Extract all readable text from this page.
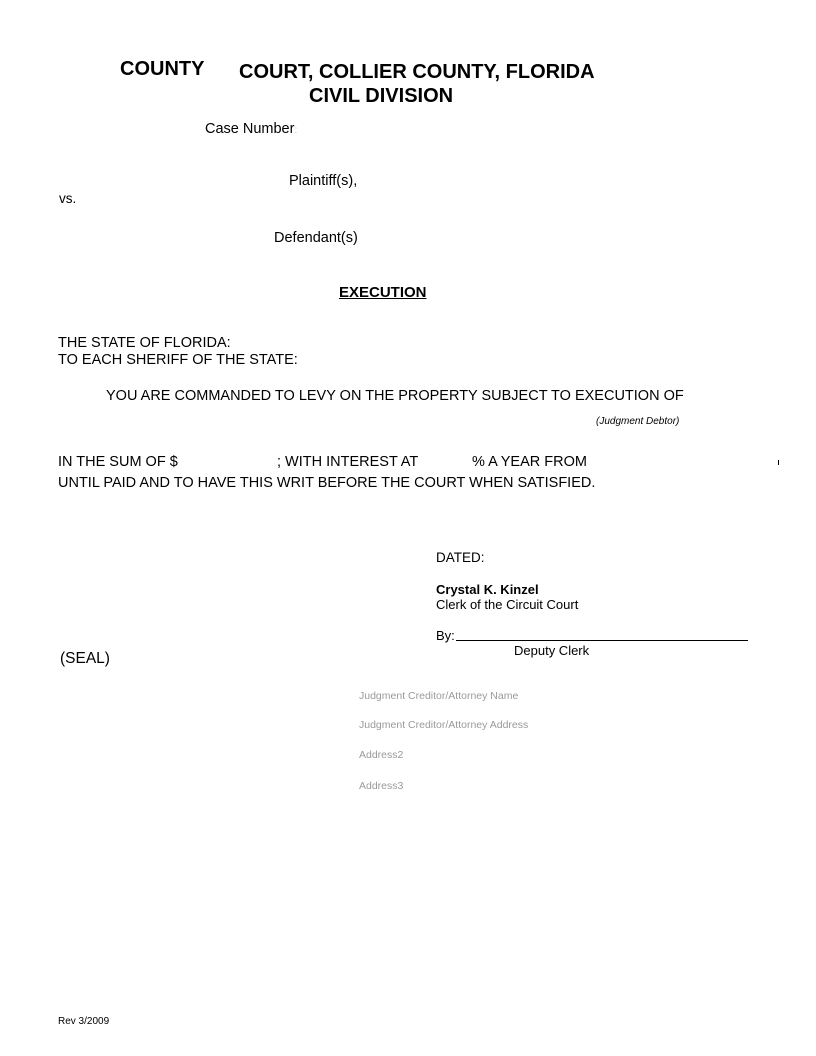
COUNTY COURT, COLLIER COUNTY, FLORIDA
CIVIL DIVISION
Case Number:
Plaintiff(s),
vs.
Defendant(s)
EXECUTION
THE STATE OF FLORIDA:
TO EACH SHERIFF OF THE STATE:
YOU ARE COMMANDED TO LEVY ON THE PROPERTY SUBJECT TO EXECUTION OF
(Judgment Debtor)
IN THE SUM OF $	; WITH INTEREST AT	% A YEAR FROM
UNTIL PAID AND TO HAVE THIS WRIT BEFORE THE COURT WHEN SATISFIED.
DATED:
Crystal K. Kinzel
Clerk of the Circuit Court
By:
Deputy Clerk
(SEAL)
Judgment Creditor/Attorney Name
Judgment Creditor/Attorney Address
Address2
Address3
Rev 3/2009
